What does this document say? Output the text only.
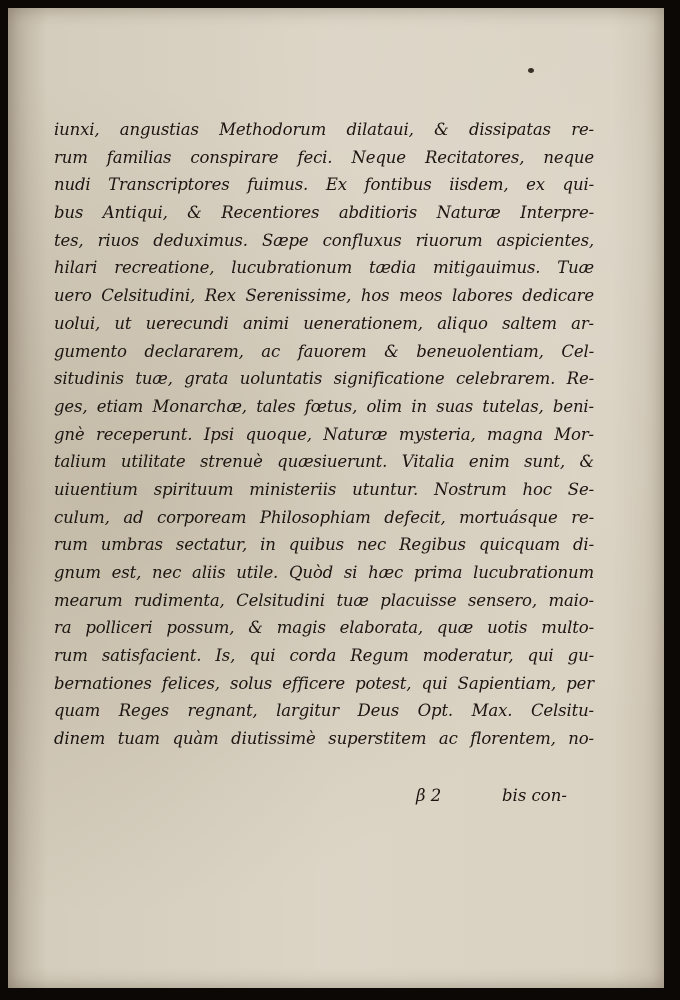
iunxi, angustias Methodorum dilataui, & dissipatas re-
rum familias conspirare feci. Neque Recitatores, neque
nudi Transcriptores fuimus. Ex fontibus iisdem, ex qui-
bus Antiqui, & Recentiores abditioris Naturæ Interpre-
tes, riuos deduximus. Sæpe confluxus riuorum aspicientes,
hilari recreatione, lucubrationum tædia mitigauimus. Tuæ
uero Celsitudini, Rex Serenissime, hos meos labores dedicare
uolui, ut uerecundi animi uenerationem, aliquo saltem ar-
gumento declararem, ac fauorem & beneuolentiam, Cel-
situdinis tuæ, grata uoluntatis significatione celebrarem. Re-
ges, etiam Monarchæ, tales fœtus, olim in suas tutelas, beni-
gnè receperunt. Ipsi quoque, Naturæ mysteria, magna Mor-
talium utilitate strenuè quæsiuerunt. Vitalia enim sunt, &
uiuentium spirituum ministeriis utuntur. Nostrum hoc Se-
culum, ad corpoream Philosophiam defecit, mortuásque re-
rum umbras sectatur, in quibus nec Regibus quicquam di-
gnum est, nec aliis utile. Quòd si hæc prima lucubrationum
mearum rudimenta, Celsitudini tuæ placuisse sensero, maio-
ra polliceri possum, & magis elaborata, quæ uotis multo-
rum satisfacient. Is, qui corda Regum moderatur, qui gu-
bernationes felices, solus efficere potest, qui Sapientiam, per
quam Reges regnant, largitur Deus Opt. Max. Celsitu-
dinem tuam quàm diutissimè superstitem ac florentem, no-
β 2	bis con-
